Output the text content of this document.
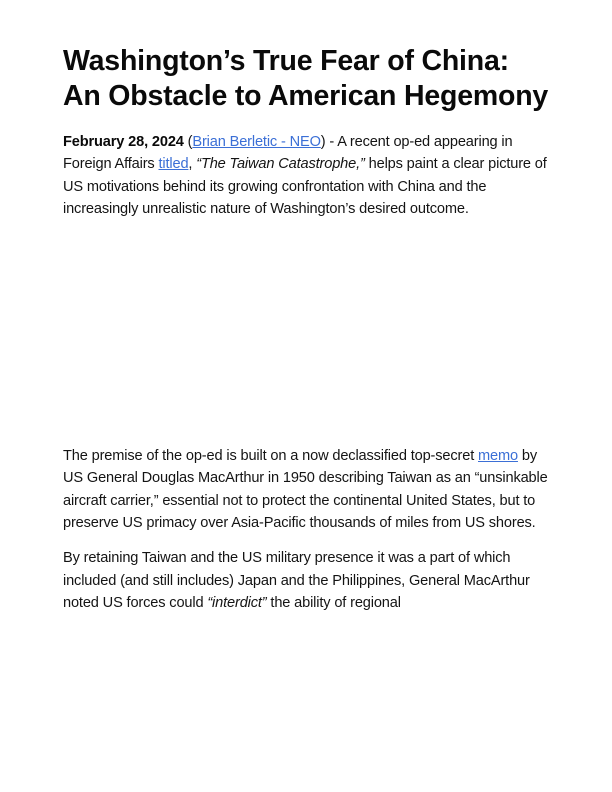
Washington’s True Fear of China: An Obstacle to American Hegemony

February 28, 2024 (Brian Berletic - NEO) - A recent op-ed appearing in Foreign Affairs titled, “The Taiwan Catastrophe,” helps paint a clear picture of US motivations behind its growing confrontation with China and the increasingly unrealistic nature of Washington’s desired outcome.

The premise of the op-ed is built on a now declassified top-secret memo by US General Douglas MacArthur in 1950 describing Taiwan as an “unsinkable aircraft carrier,” essential not to protect the continental United States, but to preserve US primacy over Asia-Pacific thousands of miles from US shores.

By retaining Taiwan and the US military presence it was a part of which included (and still includes) Japan and the Philippines, General MacArthur noted US forces could “interdict” the ability of regional
